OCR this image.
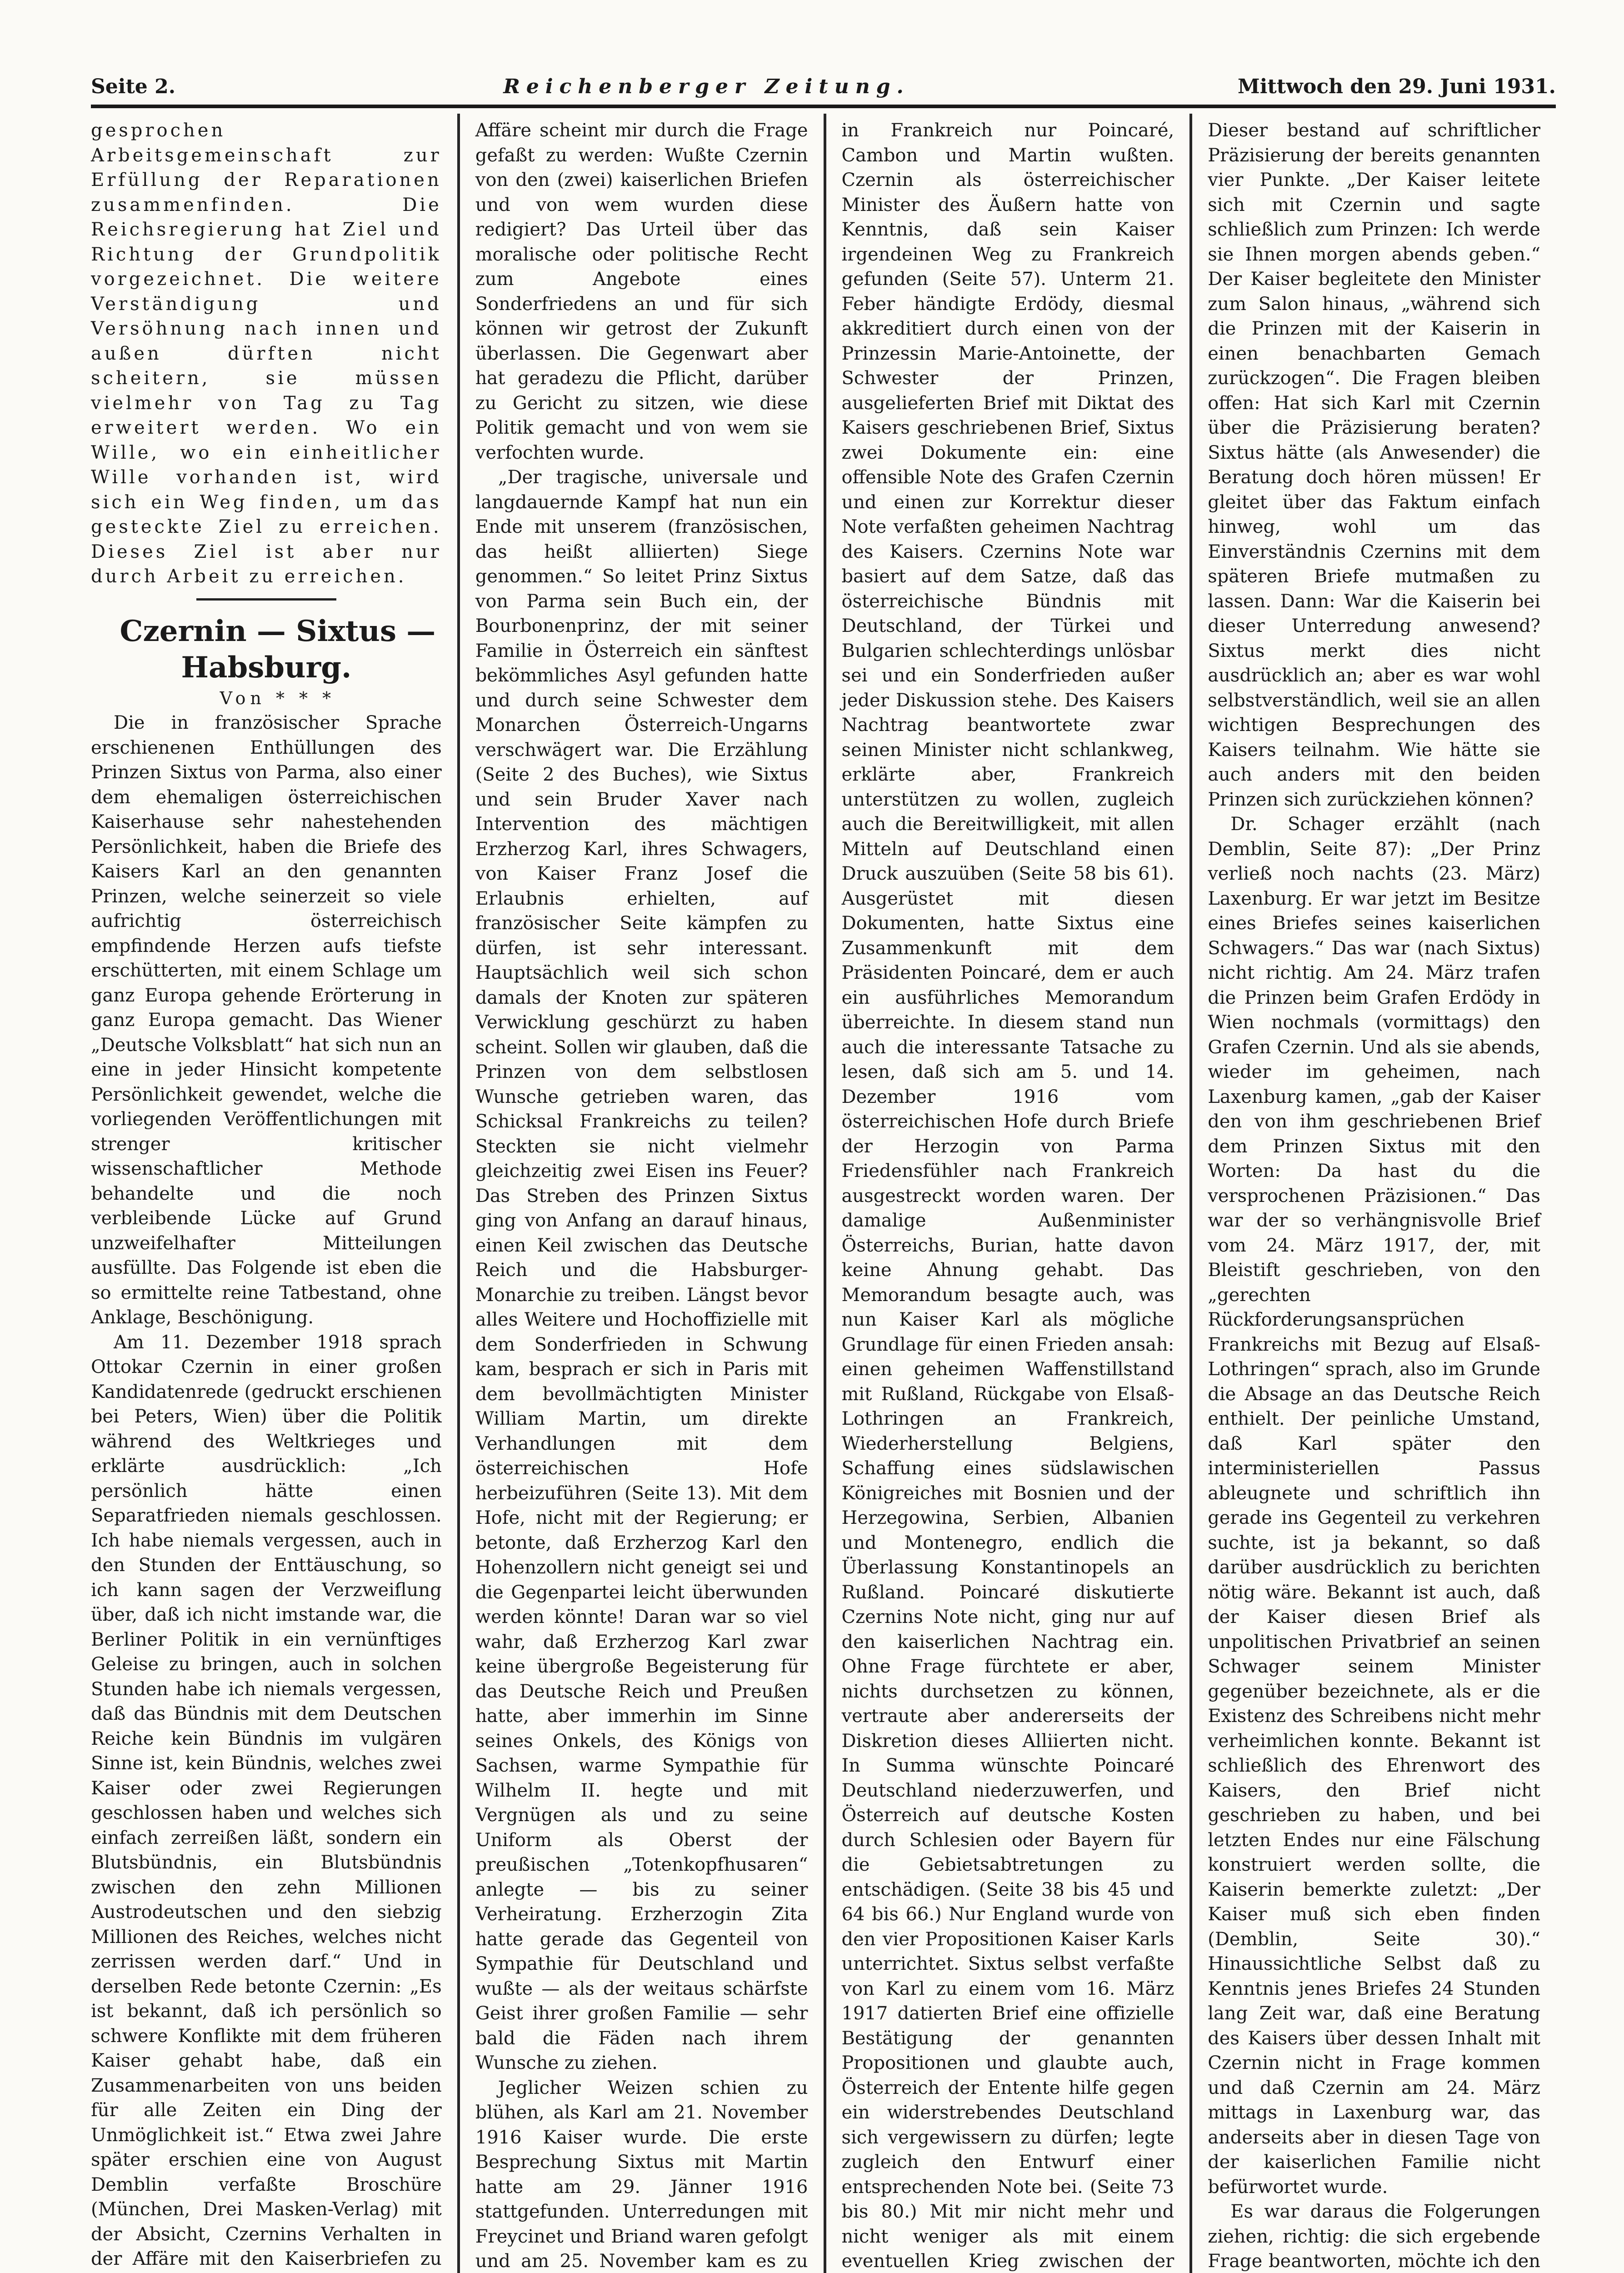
Seite 2.	Reichenberger Zeitung.	Mittwoch den 29. Juni 1931.

gesprochen Arbeitsgemeinschaft zur Erfüllung der Reparationen zusammenfinden. Die Reichsregierung hat Ziel und Richtung der Grundpolitik vorgezeichnet. Die weitere Verständigung und Versöhnung nach innen und außen dürften nicht scheitern, sie müssen vielmehr von Tag zu Tag erweitert werden. Wo ein Wille, wo ein einheitlicher Wille vorhanden ist, wird sich ein Weg finden, um das gesteckte Ziel zu erreichen. Dieses Ziel ist aber nur durch Arbeit zu erreichen.

Czernin — Sixtus — Habsburg.

Von * * *

Die in französischer Sprache erschienenen Enthüllungen des Prinzen Sixtus von Parma, also einer dem ehemaligen österreichischen Kaiserhause sehr nahestehenden Persönlichkeit, haben die Briefe des Kaisers Karl an den genannten Prinzen, welche seinerzeit so viele aufrichtig österreichisch empfindende Herzen aufs tiefste erschütterten, mit einem Schlage um ganz Europa gehende Erörterung in ganz Europa gemacht. Das Wiener „Deutsche Volksblatt“ hat sich nun an eine in jeder Hinsicht kompetente Persönlichkeit gewendet, welche die vorliegenden Veröffentlichungen mit strenger kritischer wissenschaftlicher Methode behandelte und die noch verbleibende Lücke auf Grund unzweifelhafter Mitteilungen ausfüllte. Das Folgende ist eben die so ermittelte reine Tatbestand, ohne Anklage, Beschönigung.

Am 11. Dezember 1918 sprach Ottokar Czernin in einer großen Kandidatenrede (gedruckt erschienen bei Peters, Wien) über die Politik während des Weltkrieges und erklärte ausdrücklich: „Ich persönlich hätte einen Separatfrieden niemals geschlossen. Ich habe niemals vergessen, auch in den Stunden der Enttäuschung, so ich kann sagen der Verzweiflung über, daß ich nicht imstande war, die Berliner Politik in ein vernünftiges Geleise zu bringen, auch in solchen Stunden habe ich niemals vergessen, daß das Bündnis mit dem Deutschen Reiche kein Bündnis im vulgären Sinne ist, kein Bündnis, welches zwei Kaiser oder zwei Regierungen geschlossen haben und welches sich einfach zerreißen läßt, sondern ein Blutsbündnis, ein Blutsbündnis zwischen den zehn Millionen Austrodeutschen und den siebzig Millionen des Reiches, welches nicht zerrissen werden darf.“ Und in derselben Rede betonte Czernin: „Es ist bekannt, daß ich persönlich so schwere Konflikte mit dem früheren Kaiser gehabt habe, daß ein Zusammenarbeiten von uns beiden für alle Zeiten ein Ding der Unmöglichkeit ist.“ Etwa zwei Jahre später erschien eine von August Demblin verfaßte Broschüre (München, Drei Masken-Verlag) mit der Absicht, Czernins Verhalten in der Affäre mit den Kaiserbriefen zu

Affäre scheint mir durch die Frage gefaßt zu werden: Wußte Czernin von den (zwei) kaiserlichen Briefen und von wem wurden diese redigiert? Das Urteil über das moralische oder politische Recht zum Angebote eines Sonderfriedens an und für sich können wir getrost der Zukunft überlassen. Die Gegenwart aber hat geradezu die Pflicht, darüber zu Gericht zu sitzen, wie diese Politik gemacht und von wem sie verfochten wurde.

„Der tragische, universale und langdauernde Kampf hat nun ein Ende mit unserem (französischen, das heißt alliierten) Siege genommen.“ So leitet Prinz Sixtus von Parma sein Buch ein, der Bourbonenprinz, der mit seiner Familie in Österreich ein sänftest bekömmliches Asyl gefunden hatte und durch seine Schwester dem Monarchen Österreich-Ungarns verschwägert war. Die Erzählung (Seite 2 des Buches), wie Sixtus und sein Bruder Xaver nach Intervention des mächtigen Erzherzog Karl, ihres Schwagers, von Kaiser Franz Josef die Erlaubnis erhielten, auf französischer Seite kämpfen zu dürfen, ist sehr interessant. Hauptsächlich weil sich schon damals der Knoten zur späteren Verwicklung geschürzt zu haben scheint. Sollen wir glauben, daß die Prinzen von dem selbstlosen Wunsche getrieben waren, das Schicksal Frankreichs zu teilen? Steckten sie nicht vielmehr gleichzeitig zwei Eisen ins Feuer? Das Streben des Prinzen Sixtus ging von Anfang an darauf hinaus, einen Keil zwischen das Deutsche Reich und die Habsburger-Monarchie zu treiben. Längst bevor alles Weitere und Hochoffizielle mit dem Sonderfrieden in Schwung kam, besprach er sich in Paris mit dem bevollmächtigten Minister William Martin, um direkte Verhandlungen mit dem österreichischen Hofe herbeizuführen (Seite 13). Mit dem Hofe, nicht mit der Regierung; er betonte, daß Erzherzog Karl den Hohenzollern nicht geneigt sei und die Gegenpartei leicht überwunden werden könnte! Daran war so viel wahr, daß Erzherzog Karl zwar keine übergroße Begeisterung für das Deutsche Reich und Preußen hatte, aber immerhin im Sinne seines Onkels, des Königs von Sachsen, warme Sympathie für Wilhelm II. hegte und mit Vergnügen als und zu seine Uniform als Oberst der preußischen „Totenkopfhusaren“ anlegte — bis zu seiner Verheiratung. Erzherzogin Zita hatte gerade das Gegenteil von Sympathie für Deutschland und wußte — als der weitaus schärfste Geist ihrer großen Familie — sehr bald die Fäden nach ihrem Wunsche zu ziehen.

Jeglicher Weizen schien zu blühen, als Karl am 21. November 1916 Kaiser wurde. Die erste Besprechung Sixtus mit Martin hatte am 29. Jänner 1916 stattgefunden. Unterredungen mit Freycinet und Briand waren gefolgt und am 25. November kam es zu

in Frankreich nur Poincaré, Cambon und Martin wußten. Czernin als österreichischer Minister des Äußern hatte von Kenntnis, daß sein Kaiser irgendeinen Weg zu Frankreich gefunden (Seite 57). Unterm 21. Feber händigte Erdödy, diesmal akkreditiert durch einen von der Prinzessin Marie-Antoinette, der Schwester der Prinzen, ausgelieferten Brief mit Diktat des Kaisers geschriebenen Brief, Sixtus zwei Dokumente ein: eine offensible Note des Grafen Czernin und einen zur Korrektur dieser Note verfaßten geheimen Nachtrag des Kaisers. Czernins Note war basiert auf dem Satze, daß das österreichische Bündnis mit Deutschland, der Türkei und Bulgarien schlechterdings unlösbar sei und ein Sonderfrieden außer jeder Diskussion stehe. Des Kaisers Nachtrag beantwortete zwar seinen Minister nicht schlankweg, erklärte aber, Frankreich unterstützen zu wollen, zugleich auch die Bereitwilligkeit, mit allen Mitteln auf Deutschland einen Druck auszuüben (Seite 58 bis 61). Ausgerüstet mit diesen Dokumenten, hatte Sixtus eine Zusammenkunft mit dem Präsidenten Poincaré, dem er auch ein ausführliches Memorandum überreichte. In diesem stand nun auch die interessante Tatsache zu lesen, daß sich am 5. und 14. Dezember 1916 vom österreichischen Hofe durch Briefe der Herzogin von Parma Friedensfühler nach Frankreich ausgestreckt worden waren. Der damalige Außenminister Österreichs, Burian, hatte davon keine Ahnung gehabt. Das Memorandum besagte auch, was nun Kaiser Karl als mögliche Grundlage für einen Frieden ansah: einen geheimen Waffenstillstand mit Rußland, Rückgabe von Elsaß-Lothringen an Frankreich, Wiederherstellung Belgiens, Schaffung eines südslawischen Königreiches mit Bosnien und der Herzegowina, Serbien, Albanien und Montenegro, endlich die Überlassung Konstantinopels an Rußland. Poincaré diskutierte Czernins Note nicht, ging nur auf den kaiserlichen Nachtrag ein. Ohne Frage fürchtete er aber, nichts durchsetzen zu können, vertraute aber andererseits der Diskretion dieses Alliierten nicht. In Summa wünschte Poincaré Deutschland niederzuwerfen, und Österreich auf deutsche Kosten durch Schlesien oder Bayern für die Gebietsabtretungen zu entschädigen. (Seite 38 bis 45 und 64 bis 66.) Nur England wurde von den vier Propositionen Kaiser Karls unterrichtet. Sixtus selbst verfaßte von Karl zu einem vom 16. März 1917 datierten Brief eine offizielle Bestätigung der genannten Propositionen und glaubte auch, Österreich der Entente hilfe gegen ein widerstrebendes Deutschland sich vergewissern zu dürfen; legte zugleich den Entwurf einer entsprechenden Note bei. (Seite 73 bis 80.) Mit mir nicht mehr und nicht weniger als mit einem eventuellen Krieg zwischen der

Dieser bestand auf schriftlicher Präzisierung der bereits genannten vier Punkte. „Der Kaiser leitete sich mit Czernin und sagte schließlich zum Prinzen: Ich werde sie Ihnen morgen abends geben.“ Der Kaiser begleitete den Minister zum Salon hinaus, „während sich die Prinzen mit der Kaiserin in einen benachbarten Gemach zurückzogen“. Die Fragen bleiben offen: Hat sich Karl mit Czernin über die Präzisierung beraten? Sixtus hätte (als Anwesender) die Beratung doch hören müssen! Er gleitet über das Faktum einfach hinweg, wohl um das Einverständnis Czernins mit dem späteren Briefe mutmaßen zu lassen. Dann: War die Kaiserin bei dieser Unterredung anwesend? Sixtus merkt dies nicht ausdrücklich an; aber es war wohl selbstverständlich, weil sie an allen wichtigen Besprechungen des Kaisers teilnahm. Wie hätte sie auch anders mit den beiden Prinzen sich zurückziehen können?

Dr. Schager erzählt (nach Demblin, Seite 87): „Der Prinz verließ noch nachts (23. März) Laxenburg. Er war jetzt im Besitze eines Briefes seines kaiserlichen Schwagers.“ Das war (nach Sixtus) nicht richtig. Am 24. März trafen die Prinzen beim Grafen Erdödy in Wien nochmals (vormittags) den Grafen Czernin. Und als sie abends, wieder im geheimen, nach Laxenburg kamen, „gab der Kaiser den von ihm geschriebenen Brief dem Prinzen Sixtus mit den Worten: Da hast du die versprochenen Präzisionen.“ Das war der so verhängnisvolle Brief vom 24. März 1917, der, mit Bleistift geschrieben, von den „gerechten Rückforderungsansprüchen Frankreichs mit Bezug auf Elsaß-Lothringen“ sprach, also im Grunde die Absage an das Deutsche Reich enthielt. Der peinliche Umstand, daß Karl später den interministeriellen Passus ableugnete und schriftlich ihn gerade ins Gegenteil zu verkehren suchte, ist ja bekannt, so daß darüber ausdrücklich zu berichten nötig wäre. Bekannt ist auch, daß der Kaiser diesen Brief als unpolitischen Privatbrief an seinen Schwager seinem Minister gegenüber bezeichnete, als er die Existenz des Schreibens nicht mehr verheimlichen konnte. Bekannt ist schließlich des Ehrenwort des Kaisers, den Brief nicht geschrieben zu haben, und bei letzten Endes nur eine Fälschung konstruiert werden sollte, die Kaiserin bemerkte zuletzt: „Der Kaiser muß sich eben finden (Demblin, Seite 30).“ Hinaussichtliche Selbst daß zu Kenntnis jenes Briefes 24 Stunden lang Zeit war, daß eine Beratung des Kaisers über dessen Inhalt mit Czernin nicht in Frage kommen und daß Czernin am 24. März mittags in Laxenburg war, das anderseits aber in diesen Tage von der kaiserlichen Familie nicht befürwortet wurde.

Es war daraus die Folgerungen ziehen, richtig: die sich ergebende Frage beantworten, möchte ich den
